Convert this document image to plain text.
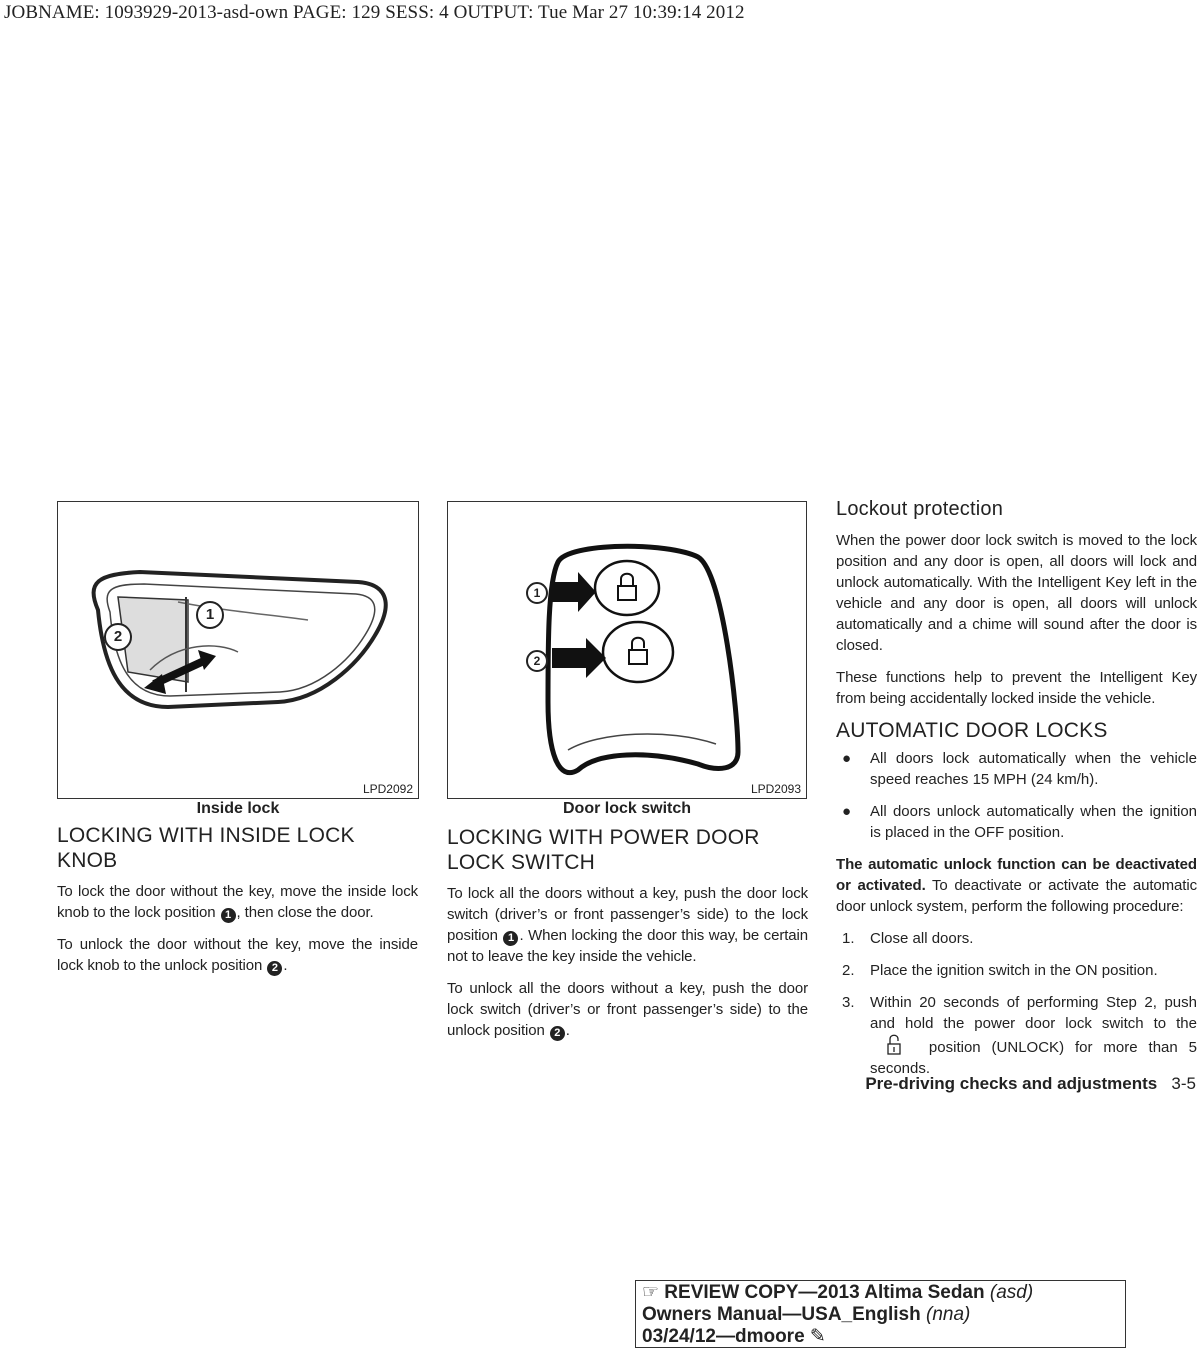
JOBNAME: 1093929-2013-asd-own PAGE: 129 SESS: 4 OUTPUT: Tue Mar 27 10:39:14 2012
1
2
LPD2092
Inside lock
1
2
LPD2093
Door lock switch
LOCKING WITH INSIDE LOCK KNOB

To lock the door without the key, move the inside lock knob to the lock position 1 , then close the door.

To unlock the door without the key, move the inside lock knob to the unlock position 2 .

LOCKING WITH POWER DOOR LOCK SWITCH

To lock all the doors without a key, push the door lock switch (driver’s or front passenger’s side) to the lock position 1 . When locking the door this way, be certain not to leave the key inside the vehicle.

To unlock all the doors without a key, push the door lock switch (driver’s or front passenger’s side) to the unlock position 2 .

Lockout protection

When the power door lock switch is moved to the lock position and any door is open, all doors will lock and unlock automatically. With the Intelligent Key left in the vehicle and any door is open, all doors will unlock automatically and a chime will sound after the door is closed.

These functions help to prevent the Intelligent Key from being accidentally locked inside the vehicle.

AUTOMATIC DOOR LOCKS
● All doors lock automatically when the vehicle speed reaches 15 MPH (24 km/h).
● All doors unlock automatically when the ignition is placed in the OFF position.

The automatic unlock function can be deactivated or activated. To deactivate or activate the automatic door unlock system, perform the following procedure:

1. Close all doors.
2. Place the ignition switch in the ON position.
3. Within 20 seconds of performing Step 2, push and hold the power door lock switch to the  position (UNLOCK) for more than 5 seconds.
Pre-driving checks and adjustments 3-5
☞ REVIEW COPY—2013 Altima Sedan (asd)
Owners Manual—USA_English (nna)
03/24/12—dmoore ✎
